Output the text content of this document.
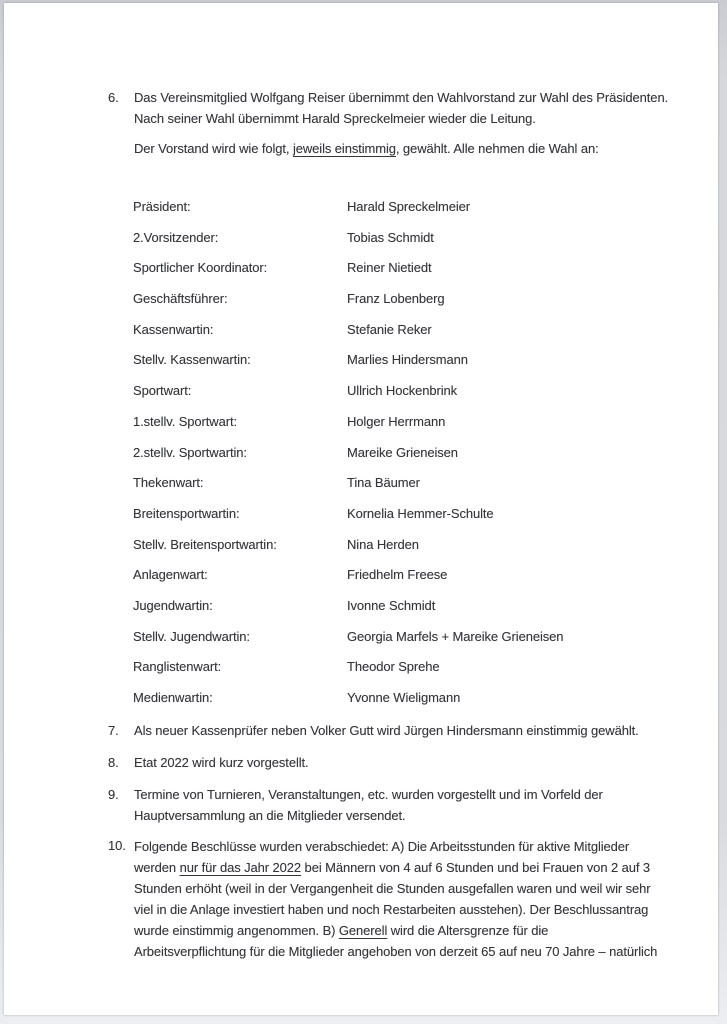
6.	Das Vereinsmitglied Wolfgang Reiser übernimmt den Wahlvorstand zur Wahl des Präsidenten.
Nach seiner Wahl übernimmt Harald Spreckelmeier wieder die Leitung.
Der Vorstand wird wie folgt, jeweils einstimmig, gewählt. Alle nehmen die Wahl an:
Präsident:	Harald Spreckelmeier
2.Vorsitzender:	Tobias Schmidt
Sportlicher Koordinator:	Reiner Nietiedt
Geschäftsführer:	Franz Lobenberg
Kassenwartin:	Stefanie Reker
Stellv. Kassenwartin:	Marlies Hindersmann
Sportwart:	Ullrich Hockenbrink
1.stellv. Sportwart:	Holger Herrmann
2.stellv. Sportwartin:	Mareike Grieneisen
Thekenwart:	Tina Bäumer
Breitensportwartin:	Kornelia Hemmer-Schulte
Stellv. Breitensportwartin:	Nina Herden
Anlagenwart:	Friedhelm Freese
Jugendwartin:	Ivonne Schmidt
Stellv. Jugendwartin:	Georgia Marfels + Mareike Grieneisen
Ranglistenwart:	Theodor Sprehe
Medienwartin:	Yvonne Wieligmann
7.	Als neuer Kassenprüfer neben Volker Gutt wird Jürgen Hindersmann einstimmig gewählt.
8.	Etat 2022 wird kurz vorgestellt.
9.	Termine von Turnieren, Veranstaltungen, etc. wurden vorgestellt und im Vorfeld der
Hauptversammlung an die Mitglieder versendet.
10. Folgende Beschlüsse wurden verabschiedet: A) Die Arbeitsstunden für aktive Mitglieder
werden nur für das Jahr 2022 bei Männern von 4 auf 6 Stunden und bei Frauen von 2 auf 3
Stunden erhöht (weil in der Vergangenheit die Stunden ausgefallen waren und weil wir sehr
viel in die Anlage investiert haben und noch Restarbeiten ausstehen). Der Beschlussantrag
wurde einstimmig angenommen. B) Generell wird die Altersgrenze für die
Arbeitsverpflichtung für die Mitglieder angehoben von derzeit 65 auf neu 70 Jahre – natürlich
